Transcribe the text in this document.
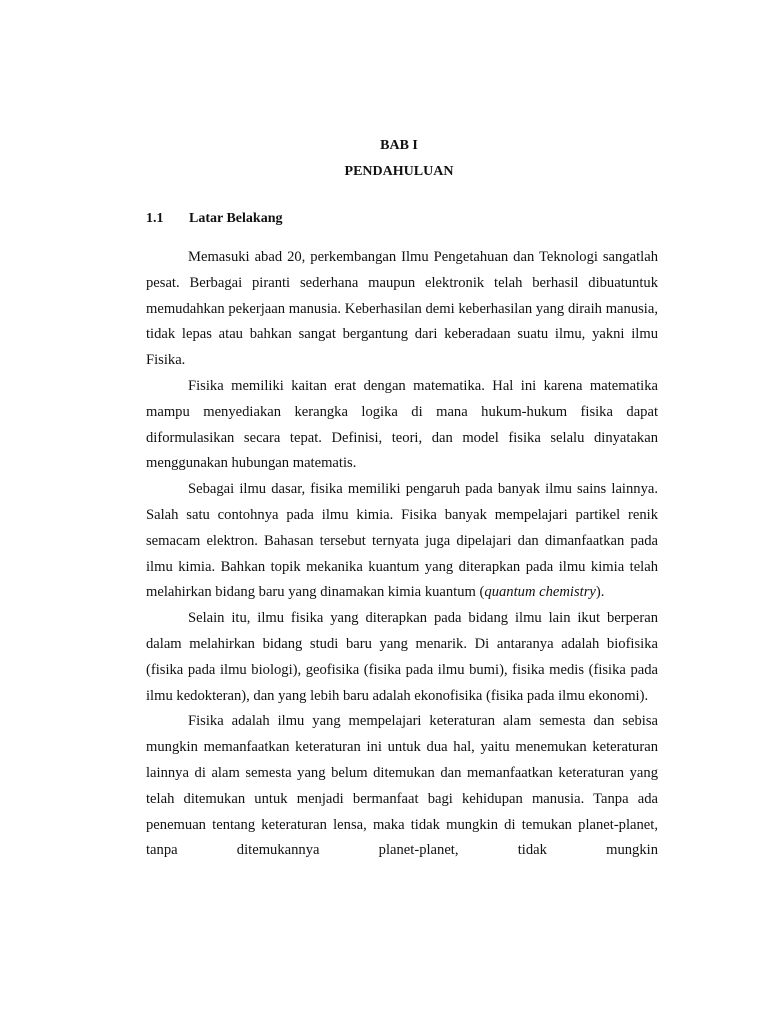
BAB I
PENDAHULUAN
1.1 Latar Belakang

Memasuki abad 20, perkembangan Ilmu Pengetahuan dan Teknologi sangatlah pesat. Berbagai piranti sederhana maupun elektronik telah berhasil dibuatuntuk memudahkan pekerjaan manusia. Keberhasilan demi keberhasilan yang diraih manusia, tidak lepas atau bahkan sangat bergantung dari keberadaan suatu ilmu, yakni ilmu Fisika.

Fisika memiliki kaitan erat dengan matematika. Hal ini karena matematika mampu menyediakan kerangka logika di mana hukum-hukum fisika dapat diformulasikan secara tepat. Definisi, teori, dan model fisika selalu dinyatakan menggunakan hubungan matematis.

Sebagai ilmu dasar, fisika memiliki pengaruh pada banyak ilmu sains lainnya. Salah satu contohnya pada ilmu kimia. Fisika banyak mempelajari partikel renik semacam elektron. Bahasan tersebut ternyata juga dipelajari dan dimanfaatkan pada ilmu kimia. Bahkan topik mekanika kuantum yang diterapkan pada ilmu kimia telah melahirkan bidang baru yang dinamakan kimia kuantum (quantum chemistry).

Selain itu, ilmu fisika yang diterapkan pada bidang ilmu lain ikut berperan dalam melahirkan bidang studi baru yang menarik. Di antaranya adalah biofisika (fisika pada ilmu biologi), geofisika (fisika pada ilmu bumi), fisika medis (fisika pada ilmu kedokteran), dan yang lebih baru adalah ekonofisika (fisika pada ilmu ekonomi).

Fisika adalah ilmu yang mempelajari keteraturan alam semesta dan sebisa mungkin memanfaatkan keteraturan ini untuk dua hal, yaitu menemukan keteraturan lainnya di alam semesta yang belum ditemukan dan memanfaatkan keteraturan yang telah ditemukan untuk menjadi bermanfaat bagi kehidupan manusia. Tanpa ada penemuan tentang keteraturan lensa, maka tidak mungkin di temukan planet-planet, tanpa ditemukannya planet-planet, tidak mungkin
